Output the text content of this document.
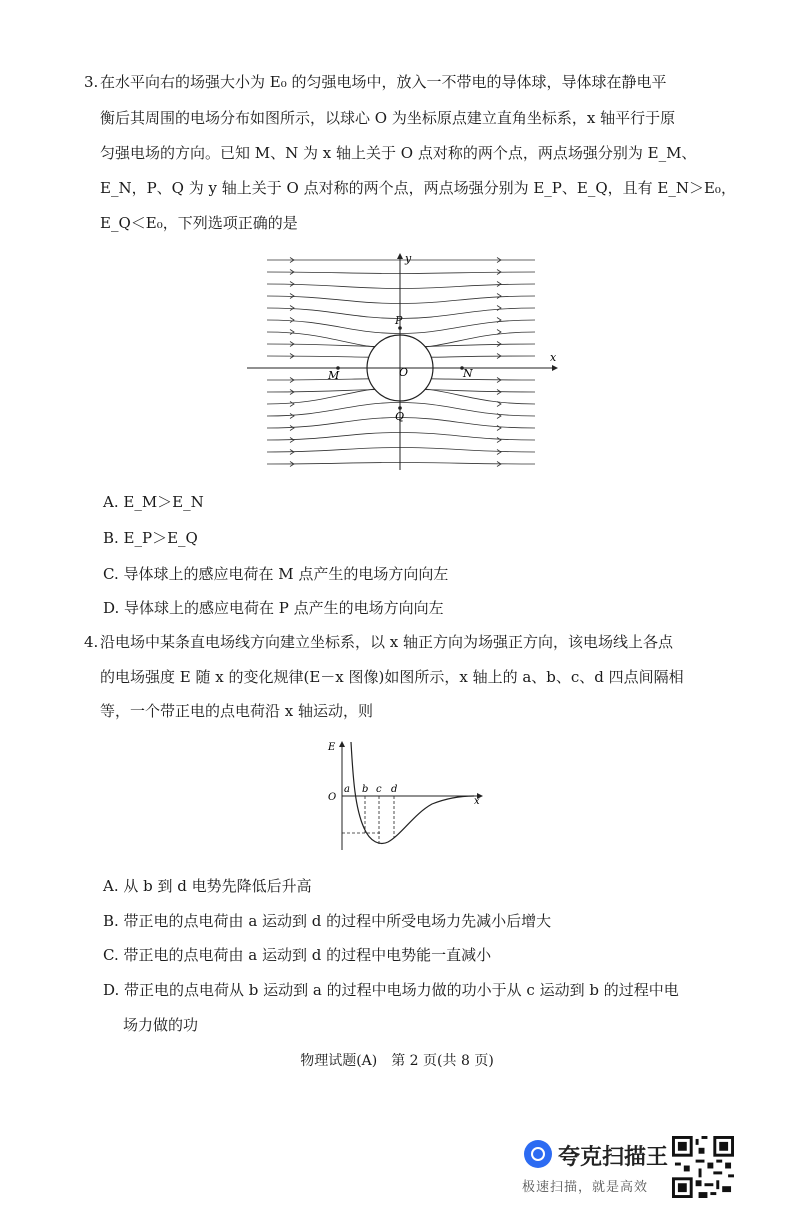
3. 在水平向右的场强大小为 E₀ 的匀强电场中，放入一不带电的导体球，导体球在静电平
衡后其周围的电场分布如图所示，以球心 O 为坐标原点建立直角坐标系，x 轴平行于原
匀强电场的方向。已知 M、N 为 x 轴上关于 O 点对称的两个点，两点场强分别为 E_M、
E_N，P、Q 为 y 轴上关于 O 点对称的两个点，两点场强分别为 E_P、E_Q，且有 E_N＞E₀，
E_Q＜E₀，下列选项正确的是
y
x
P
O
M	N
Q
A. E_M＞E_N
B. E_P＞E_Q
C. 导体球上的感应电荷在 M 点产生的电场方向向左
D. 导体球上的感应电荷在 P 点产生的电场方向向左
4. 沿电场中某条直电场线方向建立坐标系，以 x 轴正方向为场强正方向，该电场线上各点
的电场强度 E 随 x 的变化规律(E－x 图像)如图所示，x 轴上的 a、b、c、d 四点间隔相
等，一个带正电的点电荷沿 x 轴运动，则
E
O	x
a b c d
A. 从 b 到 d 电势先降低后升高
B. 带正电的点电荷由 a 运动到 d 的过程中所受电场力先减小后增大
C. 带正电的点电荷由 a 运动到 d 的过程中电势能一直减小
D. 带正电的点电荷从 b 运动到 a 的过程中电场力做的功小于从 c 运动到 b 的过程中电
场力做的功
物理试题(A)　第 2 页(共 8 页)
夸克扫描王
极速扫描，就是高效
